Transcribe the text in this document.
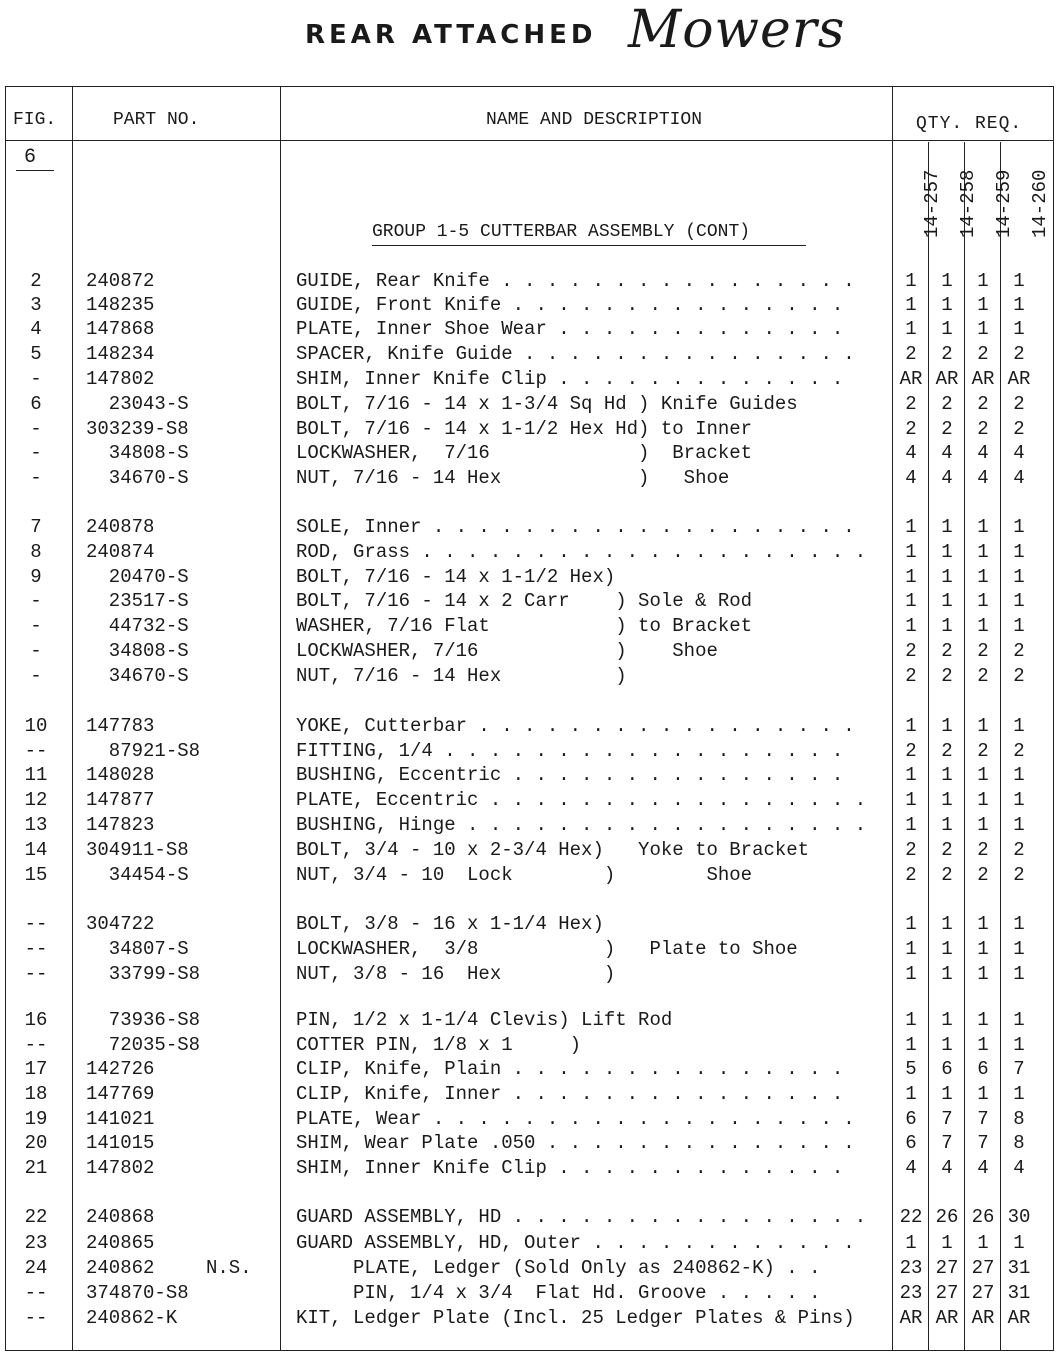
REAR ATTACHED Mowers
FIG.	PART NO.	NAME AND DESCRIPTION	QTY. REQ.
6
14-257 14-258 14-259 14-260
GROUP 1-5 CUTTERBAR ASSEMBLY (CONT)
2	240872	GUIDE, Rear Knife . . . . . . . . . . . . . . . .	1	1	1	1
3	148235	GUIDE, Front Knife . . . . . . . . . . . . . . .	1	1	1	1
4	147868	PLATE, Inner Shoe Wear . . . . . . . . . . . . .	1	1	1	1
5	148234	SPACER, Knife Guide . . . . . . . . . . . . . . .	2	2	2	2
-	147802	SHIM, Inner Knife Clip . . . . . . . . . . . . .	AR AR AR AR
6	23043-S	BOLT, 7/16 - 14 x 1-3/4 Sq Hd ) Knife Guides	2	2	2	2
-	303239-S8	BOLT, 7/16 - 14 x 1-1/2 Hex Hd) to Inner	2	2	2	2
-	34808-S	LOCKWASHER,  7/16             )  Bracket	4	4	4	4
-	34670-S	NUT, 7/16 - 14 Hex            )   Shoe	4	4	4	4
7	240878	SOLE, Inner . . . . . . . . . . . . . . . . . . .	1	1	1	1
8	240874	ROD, Grass . . . . . . . . . . . . . . . . . . . .	1	1	1	1
9	20470-S	BOLT, 7/16 - 14 x 1-1/2 Hex)	1	1	1	1
-	23517-S	BOLT, 7/16 - 14 x 2 Carr    ) Sole & Rod	1	1	1	1
-	44732-S	WASHER, 7/16 Flat           ) to Bracket	1	1	1	1
-	34808-S	LOCKWASHER, 7/16            )    Shoe	2	2	2	2
-	34670-S	NUT, 7/16 - 14 Hex          )	2	2	2	2
10	147783	YOKE, Cutterbar . . . . . . . . . . . . . . . . .	1	1	1	1
--	87921-S8	FITTING, 1/4 . . . . . . . . . . . . . . . . . .	2	2	2	2
11	148028	BUSHING, Eccentric . . . . . . . . . . . . . . .	1	1	1	1
12	147877	PLATE, Eccentric . . . . . . . . . . . . . . . . .	1	1	1	1
13	147823	BUSHING, Hinge . . . . . . . . . . . . . . . . . .	1	1	1	1
14	304911-S8	BOLT, 3/4 - 10 x 2-3/4 Hex)   Yoke to Bracket	2	2	2	2
15	34454-S	NUT, 3/4 - 10  Lock        )        Shoe	2	2	2	2
--	304722	BOLT, 3/8 - 16 x 1-1/4 Hex)	1	1	1	1
--	34807-S	LOCKWASHER,  3/8           )   Plate to Shoe	1	1	1	1
--	33799-S8	NUT, 3/8 - 16  Hex         )	1	1	1	1
16	73936-S8	PIN, 1/2 x 1-1/4 Clevis) Lift Rod	1	1	1	1
--	72035-S8	COTTER PIN, 1/8 x 1     )	1	1	1	1
17	142726	CLIP, Knife, Plain . . . . . . . . . . . . . . .	5	6	6	7
18	147769	CLIP, Knife, Inner . . . . . . . . . . . . . . .	1	1	1	1
19	141021	PLATE, Wear . . . . . . . . . . . . . . . . . . .	6	7	7	8
20	141015	SHIM, Wear Plate .050 . . . . . . . . . . . . . .	6	7	7	8
21	147802	SHIM, Inner Knife Clip . . . . . . . . . . . . .	4	4	4	4
22	240868	GUARD ASSEMBLY, HD . . . . . . . . . . . . . . . .	22 26 26 30
23	240865	GUARD ASSEMBLY, HD, Outer . . . . . . . . . . . .	1	1	1	1
24	240862	N.S. PLATE, Ledger (Sold Only as 240862-K) . .	23 27 27 31
--	374870-S8	PIN, 1/4 x 3/4  Flat Hd. Groove . . . . .	23 27 27 31
--	240862-K	KIT, Ledger Plate (Incl. 25 Ledger Plates & Pins)	AR AR AR AR
